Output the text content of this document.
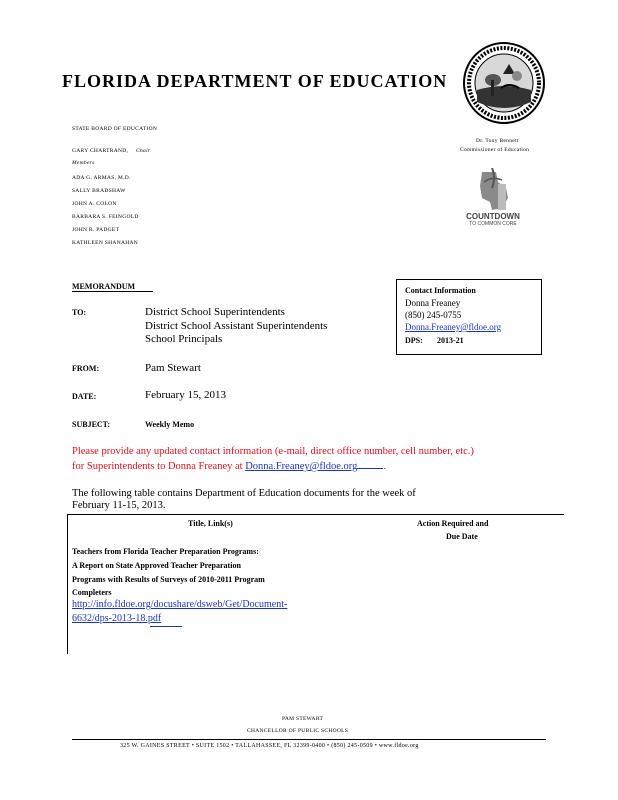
FLORIDA DEPARTMENT OF EDUCATION
STATE BOARD OF EDUCATION
GARY CHARTRAND, Chair
Members
ADA G. ARMAS, M.D.
SALLY BRADSHAW
JOHN A. COLON
BARBARA S. FEINGOLD
JOHN R. PADGET
KATHLEEN SHANAHAN
Dr. Tony Bennett
Commissioner of Education
COUNTDOWN
TO COMMON CORE
MEMORANDUM	Contact Information
Donna Freaney
(850) 245-0755
Donna.Freaney@fldoe.org
DPS: 2013-21
TO:	District School Superintendents
District School Assistant Superintendents
School Principals
FROM:	Pam Stewart
DATE:	February 15, 2013
SUBJECT:	Weekly Memo
Please provide any updated contact information (e-mail, direct office number, cell number, etc.)
for Superintendents to Donna Freaney at Donna.Freaney@fldoe.org .
The following table contains Department of Education documents for the week of
February 11-15, 2013.
Title, Link(s)	Action Required and
Due Date
Teachers from Florida Teacher Preparation Programs:
A Report on State Approved Teacher Preparation
Programs with Results of Surveys of 2010-2011 Program
Completers
http://info.fldoe.org/docushare/dsweb/Get/Document-
6632/dps-2013-18.pdf
PAM STEWART
CHANCELLOR OF PUBLIC SCHOOLS
325 W. GAINES STREET • SUITE 1502 • TALLAHASSEE, FL 32399-0400 • (850) 245-0509 • www.fldoe.org
